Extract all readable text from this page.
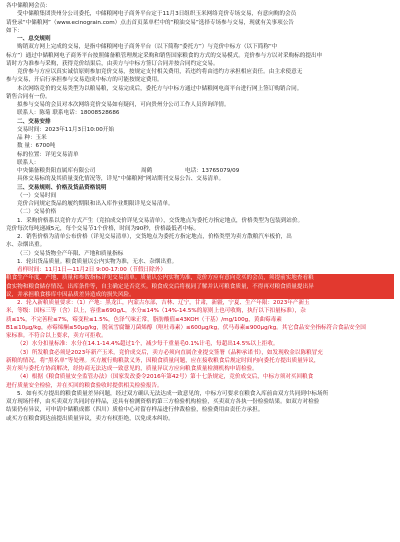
各中储粮网会员：

受中储粮集团贵州分公司委托，中储粮网电子商务平台定于11月3日组织玉米网络竞价专场交易，有意向购的会员

请登录“中储粮网”（www.ecinograin.com）点击首页菜单栏中的“粮油交易”选择专场参与交易，现就有关事项公告

如下：

一、总交规则

购销双方网上完成的交易，是指中储粮网电子商务平台（以下简称“委托方”）与竞价中标方（以下简称“中

标方”）通过中储粮网电子商务平台按照储备粮管理规定采购和销售国家粮食的方式的交易模式。竞价参与方以对采购标的提出申

请时方为准参与采购，获得竞价结果后，由卖方与中标方签订合同并按合同约定交易。

竞价参与方应以真实诚信原则参加竞价交易，按规定支付相关费用，若违约将由违约方承担相应责任。由主求使意无

参与交易，开启行承担参与交易造成中标方的可能按规定费用。

本次网络竞价的交易类型为以粮易粮，交易完成后，委托方与中标方通过中储粮网电商平台进行网上签订购销合同。

销售合同有一份。

拟参与交易的会员对本次网络竞价交易如有疑问，可向贵州分公司工作人员咨询详情。

联系人：陈菊 联系电话：18008528686

二、交易安排

交易时间：2023年11月3日10:00开始

品 种：玉米

数 量：6700吨

标的位置：详见交易清单

联系人：

中央储备粮贵阳直属库有限公司	周鹤	电话：13765079/09

具体交易标的及其质量变化情况等，详见“中储粮网”网站期刊交易公告、交易清单。

三、交易规则、价格及货品资格说明

（一）交易时间

竞价合同规定货品的履约期限和出入库作业期限详见交易清单。

（二）交易价格

1．采购价格系以竞价方式产生（竞拍成交价详见交易清单），交货地点为委托方指定地点，价格类型为包装到站价。

竞价每次每吨递减5元，每个交易节1个价格，时间为90秒，价格最低者中标。

2．销售价格为清单公布价格（详见交易清单），交货地点为委托方指定地点，价格类型为卖方散粮汽车板价，出

水、杂烟出重。

（三）交易货物全产年限、产地和质量指标

1．轮出货品质量。粮食质量以公内实物为准，无水、杂烟出重。

看样时间：11月1日—11月2日 9:00-17:00（节假日除外）

粮食生产年度、产地、质量和参数指标详见交易清单。质量认公内实物为准，竞价方应有意向竞买的会员，须提前实地查看粮

食实物和粮食储存情况，出库条件等，自主确定是否竞买。粮食成交后将视同了解并认可粮食质量，不得再对粮食质量提出异

议，并承担粮食移库中因品质差异造成的损失风险。

2．轮入新粮质量要求：（1）产地：黑龙江，内蒙古东部，吉林、辽宁，甘肃，新疆，宁夏、生产年限：2023年产新玉

米，等级：国标三等（含）以上，容重≥690g/L，水分≤14%（14%-14.5%的原则上也可收购，执行以下扣量标准），杂

质≤1%，不完善粒≤7%，霉变粒≤1.5%，色泽气味正常，脂肪酸值≤43KOH（干基）/mg/100g，黄曲霉毒素

B1≤10μg/kg，赤霉烯酮≤50μg/kg，脱氧雪腐镰刀菌烯醇（呕吐毒素）≤600μg/kg，伏马毒素≤900μg/kg。其它食品安全指标符合食品安全国

家标准。不符合以上要求，卖方可拒收。

（2）水分扣量标准：水分在14.1-14.4%超过1个，减少每千重量毛0.1%计毛，每超出14.5%以上拒收。

（3）所发粮食必须是2023年新产玉米，竞价成交后，卖方必须向直属企业提交签署《品种承诺书》，如发现收金以陈粮冒充

新粮的情况，将“黑名单”等处理。买方履行购粮款义务，因粮食质量问题，应在接收粮食后规定时间内向委托方提出质量异议，

卖方须与委托方协商解决，经协商无法达成一致意见的，质量异议方应向粮食质量检测机构申请检验。

（4）根据《粮食质量安全监管办法》（国家发改委令2016年第42号）第十七条规定，竞价成交后，中标方须对买回粮食

进行质量安全检验，并在买回的粮食验收时提供相关检验报告。

5．如有买方提出的粮食质量差异问题，经过双方确认无法达成一致意见的，中标方可要求在粮食入库前由双方共同到中标场所

双方现场扦样，由买卖双方共同封存样品，送具有检测资格的第三方检验机构检验，买卖双方各执一份检验结果。如双方对检验

结果仍有异议，可申请中储粮成都（四川）质检中心对留存样品进行仲裁检验，检验费用由责任方承担。

或买方在粮食到达前提出质量异议，卖方有权拒绝，以免成本纠纷。
